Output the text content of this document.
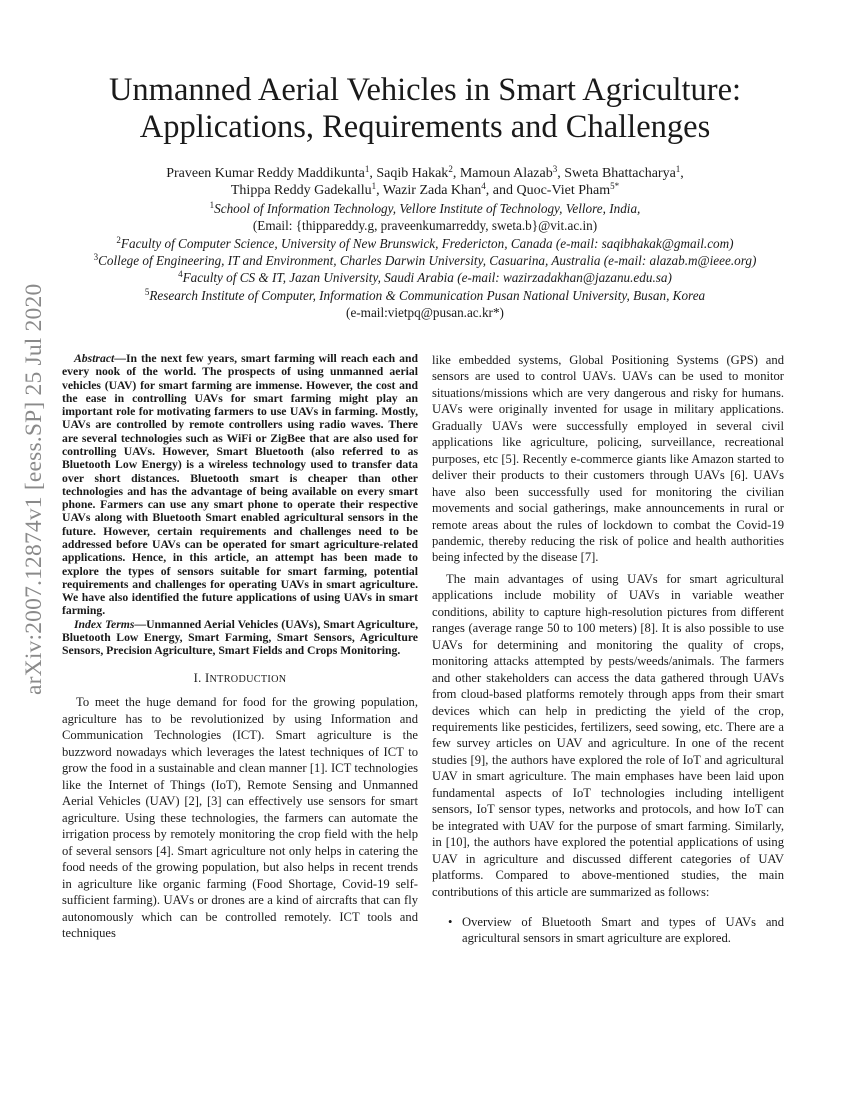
arXiv:2007.12874v1 [eess.SP] 25 Jul 2020
Unmanned Aerial Vehicles in Smart Agriculture:
Applications, Requirements and Challenges
Praveen Kumar Reddy Maddikunta$^1$, Saqib Hakak$^2$, Mamoun Alazab$^3$, Sweta Bhattacharya$^1$,
Thippa Reddy Gadekallu$^1$, Wazir Zada Khan$^4$, and Quoc-Viet Pham$^{5*}$
$^1$School of Information Technology, Vellore Institute of Technology, Vellore, India,
(Email: {thippareddy.g, praveenkumarreddy, sweta.b}@vit.ac.in)
$^2$Faculty of Computer Science, University of New Brunswick, Fredericton, Canada (e-mail: saqibhakak@gmail.com)
$^3$College of Engineering, IT and Environment, Charles Darwin University, Casuarina, Australia (e-mail: alazab.m@ieee.org)
$^4$Faculty of CS & IT, Jazan University, Saudi Arabia (e-mail: wazirzadakhan@jazanu.edu.sa)
$^5$Research Institute of Computer, Information & Communication Pusan National University, Busan, Korea
(e-mail:vietpq@pusan.ac.kr*)

Abstract—In the next few years, smart farming will reach each and every nook of the world. The prospects of using unmanned aerial vehicles (UAV) for smart farming are immense. However, the cost and the ease in controlling UAVs for smart farming might play an important role for motivating farmers to use UAVs in farming. Mostly, UAVs are controlled by remote controllers using radio waves. There are several technologies such as WiFi or ZigBee that are also used for controlling UAVs. However, Smart Bluetooth (also referred to as Bluetooth Low Energy) is a wireless technology used to transfer data over short distances. Bluetooth smart is cheaper than other technologies and has the advantage of being available on every smart phone. Farmers can use any smart phone to operate their respective UAVs along with Bluetooth Smart enabled agricultural sensors in the future. However, certain requirements and challenges need to be addressed before UAVs can be operated for smart agriculture-related applications. Hence, in this article, an attempt has been made to explore the types of sensors suitable for smart farming, potential requirements and challenges for operating UAVs in smart agriculture. We have also identified the future applications of using UAVs in smart farming.

Index Terms—Unmanned Aerial Vehicles (UAVs), Smart Agriculture, Bluetooth Low Energy, Smart Farming, Smart Sensors, Agriculture Sensors, Precision Agriculture, Smart Fields and Crops Monitoring.

I. INTRODUCTION

To meet the huge demand for food for the growing population, agriculture has to be revolutionized by using Information and Communication Technologies (ICT). Smart agriculture is the buzzword nowadays which leverages the latest techniques of ICT to grow the food in a sustainable and clean manner [1]. ICT technologies like the Internet of Things (IoT), Remote Sensing and Unmanned Aerial Vehicles (UAV) [2], [3] can effectively use sensors for smart agriculture. Using these technologies, the farmers can automate the irrigation process by remotely monitoring the crop field with the help of several sensors [4]. Smart agriculture not only helps in catering the food needs of the growing population, but also helps in recent trends in agriculture like organic farming (Food Shortage, Covid-19 self-sufficient farming). UAVs or drones are a kind of aircrafts that can fly autonomously which can be controlled remotely. ICT tools and techniques

like embedded systems, Global Positioning Systems (GPS) and sensors are used to control UAVs. UAVs can be used to monitor situations/missions which are very dangerous and risky for humans. UAVs were originally invented for usage in military applications. Gradually UAVs were successfully employed in several civil applications like agriculture, policing, surveillance, recreational purposes, etc [5]. Recently e-commerce giants like Amazon started to deliver their products to their customers through UAVs [6]. UAVs have also been successfully used for monitoring the civilian movements and social gatherings, make announcements in rural or remote areas about the rules of lockdown to combat the Covid-19 pandemic, thereby reducing the risk of police and health authorities being infected by the disease [7].

The main advantages of using UAVs for smart agricultural applications include mobility of UAVs in variable weather conditions, ability to capture high-resolution pictures from different ranges (average range 50 to 100 meters) [8]. It is also possible to use UAVs for determining and monitoring the quality of crops, monitoring attacks attempted by pests/weeds/animals. The farmers and other stakeholders can access the data gathered through UAVs from cloud-based platforms remotely through apps from their smart devices which can help in predicting the yield of the crop, requirements like pesticides, fertilizers, seed sowing, etc. There are a few survey articles on UAV and agriculture. In one of the recent studies [9], the authors have explored the role of IoT and agricultural UAV in smart agriculture. The main emphases have been laid upon fundamental aspects of IoT technologies including intelligent sensors, IoT sensor types, networks and protocols, and how IoT can be integrated with UAV for the purpose of smart farming. Similarly, in [10], the authors have explored the potential applications of using UAV in agriculture and discussed different categories of UAV platforms. Compared to above-mentioned studies, the main contributions of this article are summarized as follows:

• Overview of Bluetooth Smart and types of UAVs and agricultural sensors in smart agriculture are explored.
